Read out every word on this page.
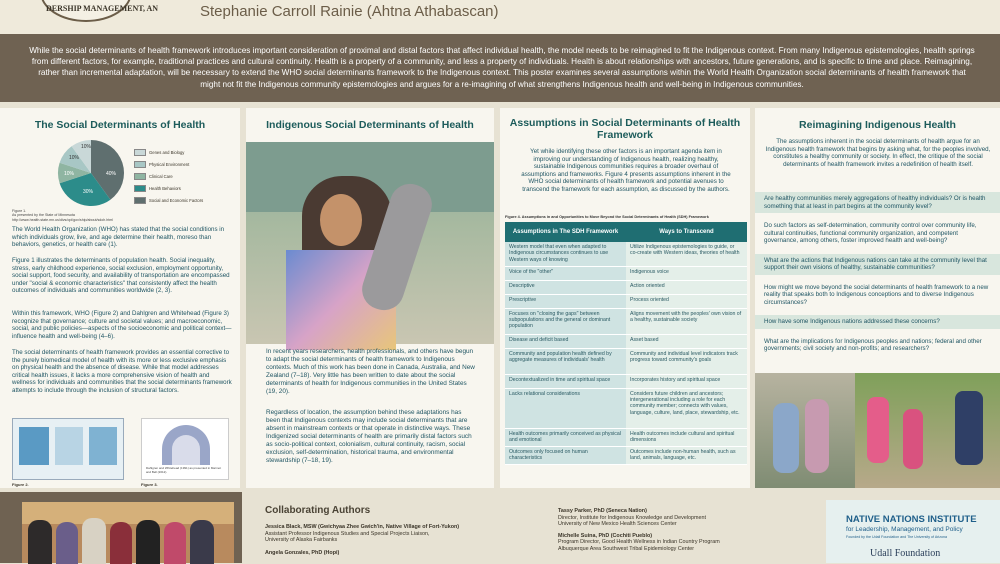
DERSHIP MANAGEMENT, AN	Stephanie Carroll Rainie (Ahtna Athabascan)
While the social determinants of health framework introduces important consideration of proximal and distal factors that affect individual health, the model needs to be reimagined to fit the Indigenous context. From many Indigenous epistemologies, health springs from different factors, for example, traditional practices and cultural continuity. Health is a property of a community, and less a property of individuals. Health is about relationships with ancestors, future generations, and is specific to time and place. Reimagining, rather than incremental adaptation, will be necessary to extend the WHO social determinants framework to the Indigenous context. This poster examines several assumptions within the World Health Organization social determinants of health framework that might not fit the Indigenous community epistemologies and argues for a re-imagining of what strengthens Indigenous health and well-being in Indigenous communities.
The Social Determinants of Health
40%
30%
10%
10%
10%
Genes and Biology
Physical Environment
Clinical Care
Health Behaviors
Social and Economic Factors
Figure 1.
As presented by the State of Minnesota
http://www.health.state.mn.us/divs/opi/gov/ship/about/sdoh.html
The World Health Organization (WHO) has stated that the social conditions in which individuals grow, live, and age determine their health, moreso than behaviors, genetics, or health care (1).
Figure 1 illustrates the determinants of population health. Social inequality, stress, early childhood experience, social exclusion, employment opportunity, social support, food security, and availability of transportation are encompassed under "social & economic characteristics" that consistently affect the health outcomes of individuals and communities worldwide (2, 3).
Within this framework, WHO (Figure 2) and Dahlgren and Whitehead (Figure 3) recognize that governance; culture and societal values; and macroeconomic, social, and public policies—aspects of the socioeconomic and political context—influence health and well-being (4–6).
The social determinants of health framework provides an essential corrective to the purely biomedical model of health with its more or less exclusive emphasis on physical health and the absence of disease. While that model addresses critical health issues, it lacks a more comprehensive vision of health and wellness for individuals and communities that the social determinants framework attempts to include through the inclusion of structural factors.
Figure 2.
Dahlgren and Whitehead (1991) as presented in Marmot and Bell (2012).
Figure 3.
Indigenous Social Determinants of Health
In recent years researchers, health professionals, and others have begun to adapt the social determinants of health framework to Indigenous contexts. Much of this work has been done in Canada, Australia, and New Zealand (7–18). Very little has been written to date about the social determinants of health for Indigenous communities in the United States (19, 20).
Regardless of location, the assumption behind these adaptations has been that Indigenous contexts may include social determinants that are absent in mainstream contexts or that operate in distinctive ways. These Indigenized social determinants of health are primarily distal factors such as socio-political context, colonialism, cultural continuity, racism, social exclusion, self-determination, historical trauma, and environmental stewardship (7–18, 19).
Assumptions in Social Determinants of Health Framework
Yet while identifying these other factors is an important agenda item in improving our understanding of Indigenous health, realizing healthy, sustainable Indigenous communities requires a broader overhaul of assumptions and frameworks. Figure 4 presents assumptions inherent in the WHO social determinants of health framework and potential avenues to transcend the framework for each assumption, as discussed by the authors.
Figure 4. Assumptions in and Opportunities to Move Beyond the Social Determinants of Health (SDH) Framework
Assumptions in The SDH Framework	Ways to Transcend
Western model that even when adapted to Indigenous circumstances continues to use Western ways of knowing	Utilize Indigenous epistemologies to guide, or co-create with Western ideas, theories of health
Voice of the "other"	Indigenous voice
Descriptive	Action oriented
Prescriptive	Process oriented
Focuses on "closing the gaps" between subpopulations and the general or dominant population	Aligns movement with the peoples' own vision of a healthy, sustainable society
Disease and deficit based	Asset based
Community and population health defined by aggregate measures of individuals' health	Community and individual level indicators track progress toward community's goals
Decontextualized in time and spiritual space	Incorporates history and spiritual space
Lacks relational considerations	Considers future children and ancestors; intergenerational including a role for each community member; connects with values, language, culture, land, place, stewardship, etc.
Health outcomes primarily conceived as physical and emotional	Health outcomes include cultural and spiritual dimensions
Outcomes only focused on human characteristics	Outcomes include non-human health, such as land, animals, language, etc.
Reimagining Indigenous Health
The assumptions inherent in the social determinants of health argue for an Indigenous health framework that begins by asking what, for the peoples involved, constitutes a healthy community or society. In effect, the critique of the social determinants of health framework invites a redefinition of health itself.
Are healthy communities merely aggregations of healthy individuals? Or is health something that at least in part begins at the community level?
Do such factors as self-determination, community control over community life, cultural continuities, functional community organization, and competent governance, among others, foster improved health and well-being?
What are the actions that Indigenous nations can take at the community level that support their own visions of healthy, sustainable communities?
How might we move beyond the social determinants of health framework to a new reality that speaks both to Indigenous conceptions and to diverse Indigenous circumstances?
How have some Indigenous nations addressed these concerns?
What are the implications for Indigenous peoples and nations; federal and other governments; civil society and non-profits; and researchers?
Collaborating Authors
Jessica Black, MSW (Gwichyaa Zhee Gwich'in, Native Village of Fort-Yukon)
Assistant Professor Indigenous Studies and Special Projects Liaison,
University of Alaska Fairbanks
Angela Gonzales, PhD (Hopi)
Tassy Parker, PhD (Seneca Nation)
Director, Institute for Indigenous Knowledge and Development
University of New Mexico Health Sciences Center
Michelle Suina, PhD (Cochiti Pueblo)
Program Director, Good Health Wellness in Indian Country Program
Albuquerque Area Southwest Tribal Epidemiology Center
NATIVE NATIONS INSTITUTE
for Leadership, Management, and Policy
Founded by the Udall Foundation and The University of Arizona
Udall Foundation
